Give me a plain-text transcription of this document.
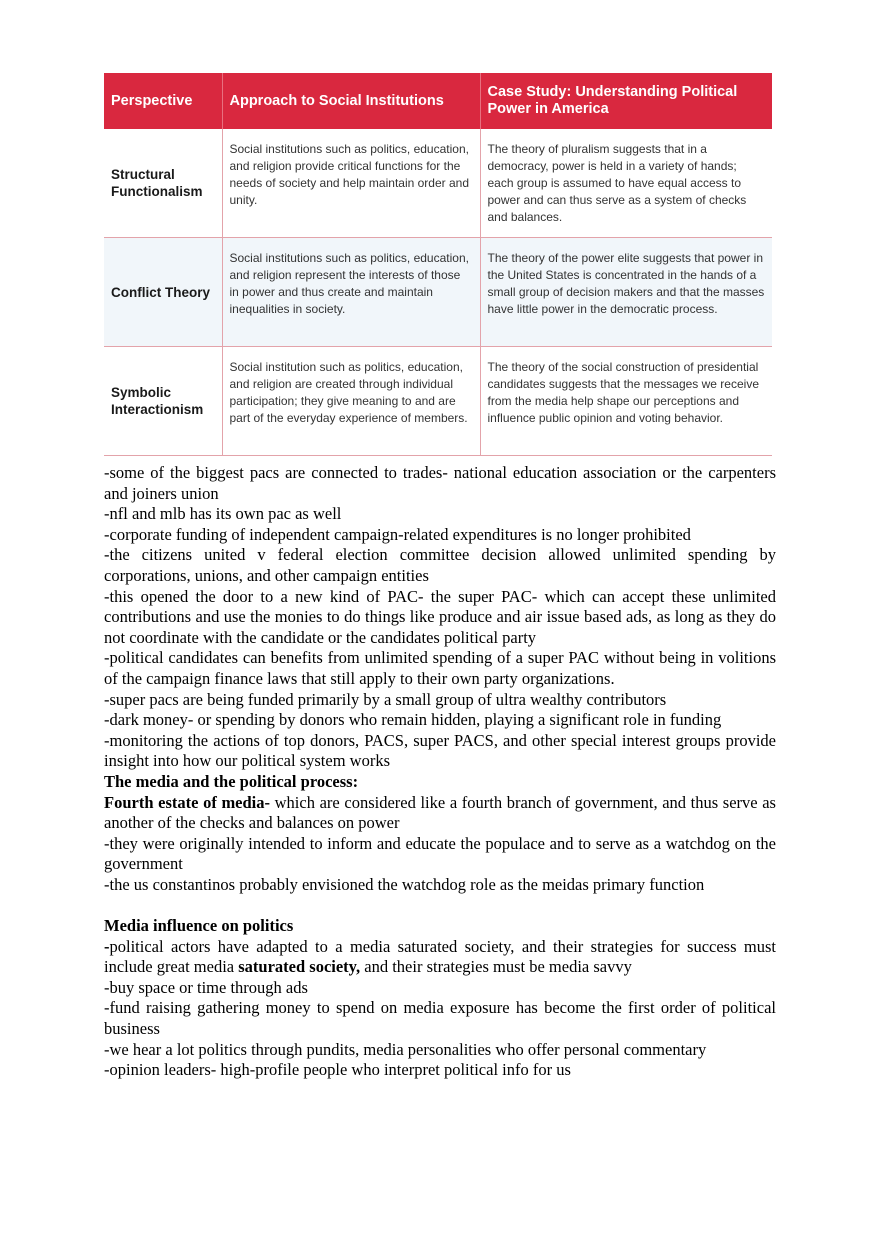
Perspective	Approach to Social Institutions	Case Study: Understanding Political Power in America
Structural Functionalism	Social institutions such as politics, education, and religion provide critical functions for the needs of society and help maintain order and unity.	The theory of pluralism suggests that in a democracy, power is held in a variety of hands; each group is assumed to have equal access to power and can thus serve as a system of checks and balances.
Conflict Theory	Social institutions such as politics, education, and religion represent the interests of those in power and thus create and maintain inequalities in society.	The theory of the power elite suggests that power in the United States is concentrated in the hands of a small group of decision makers and that the masses have little power in the democratic process.
Symbolic Interactionism	Social institution such as politics, education, and religion are created through individual participation; they give meaning to and are part of the everyday experience of members.	The theory of the social construction of presidential candidates suggests that the messages we receive from the media help shape our perceptions and influence public opinion and voting behavior.

-some of the biggest pacs are connected to trades- national education association or the carpenters and joiners union

-nfl and mlb has its own pac as well

-corporate funding of independent campaign-related expenditures is no longer prohibited

-the citizens united v federal election committee decision allowed unlimited spending by corporations, unions, and other campaign entities

-this opened the door to a new kind of PAC- the super PAC- which can accept these unlimited contributions and use the monies to do things like produce and air issue based ads, as long as they do not coordinate with the candidate or the candidates political party

-political candidates can benefits from unlimited spending of a super PAC without being in volitions of the campaign finance laws that still apply to their own party organizations.

-super pacs are being funded primarily by a small group of ultra wealthy contributors

-dark money- or spending by donors who remain hidden, playing a significant role in funding

-monitoring the actions of top donors, PACS, super PACS, and other special interest groups provide insight into how our political system works

The media and the political process:

Fourth estate of media- which are considered like a fourth branch of government, and thus serve as another of the checks and balances on power

-they were originally intended to inform and educate the populace and to serve as a watchdog on the government

-the us constantinos probably envisioned the watchdog role as the meidas primary function

Media influence on politics

-political actors have adapted to a media saturated society, and their strategies for success must include great media saturated society, and their strategies must be media savvy

-buy space or time through ads

-fund raising gathering money to spend on media exposure has become the first order of political business

-we hear a lot politics through pundits, media personalities who offer personal commentary

-opinion leaders- high-profile people who interpret political info for us
